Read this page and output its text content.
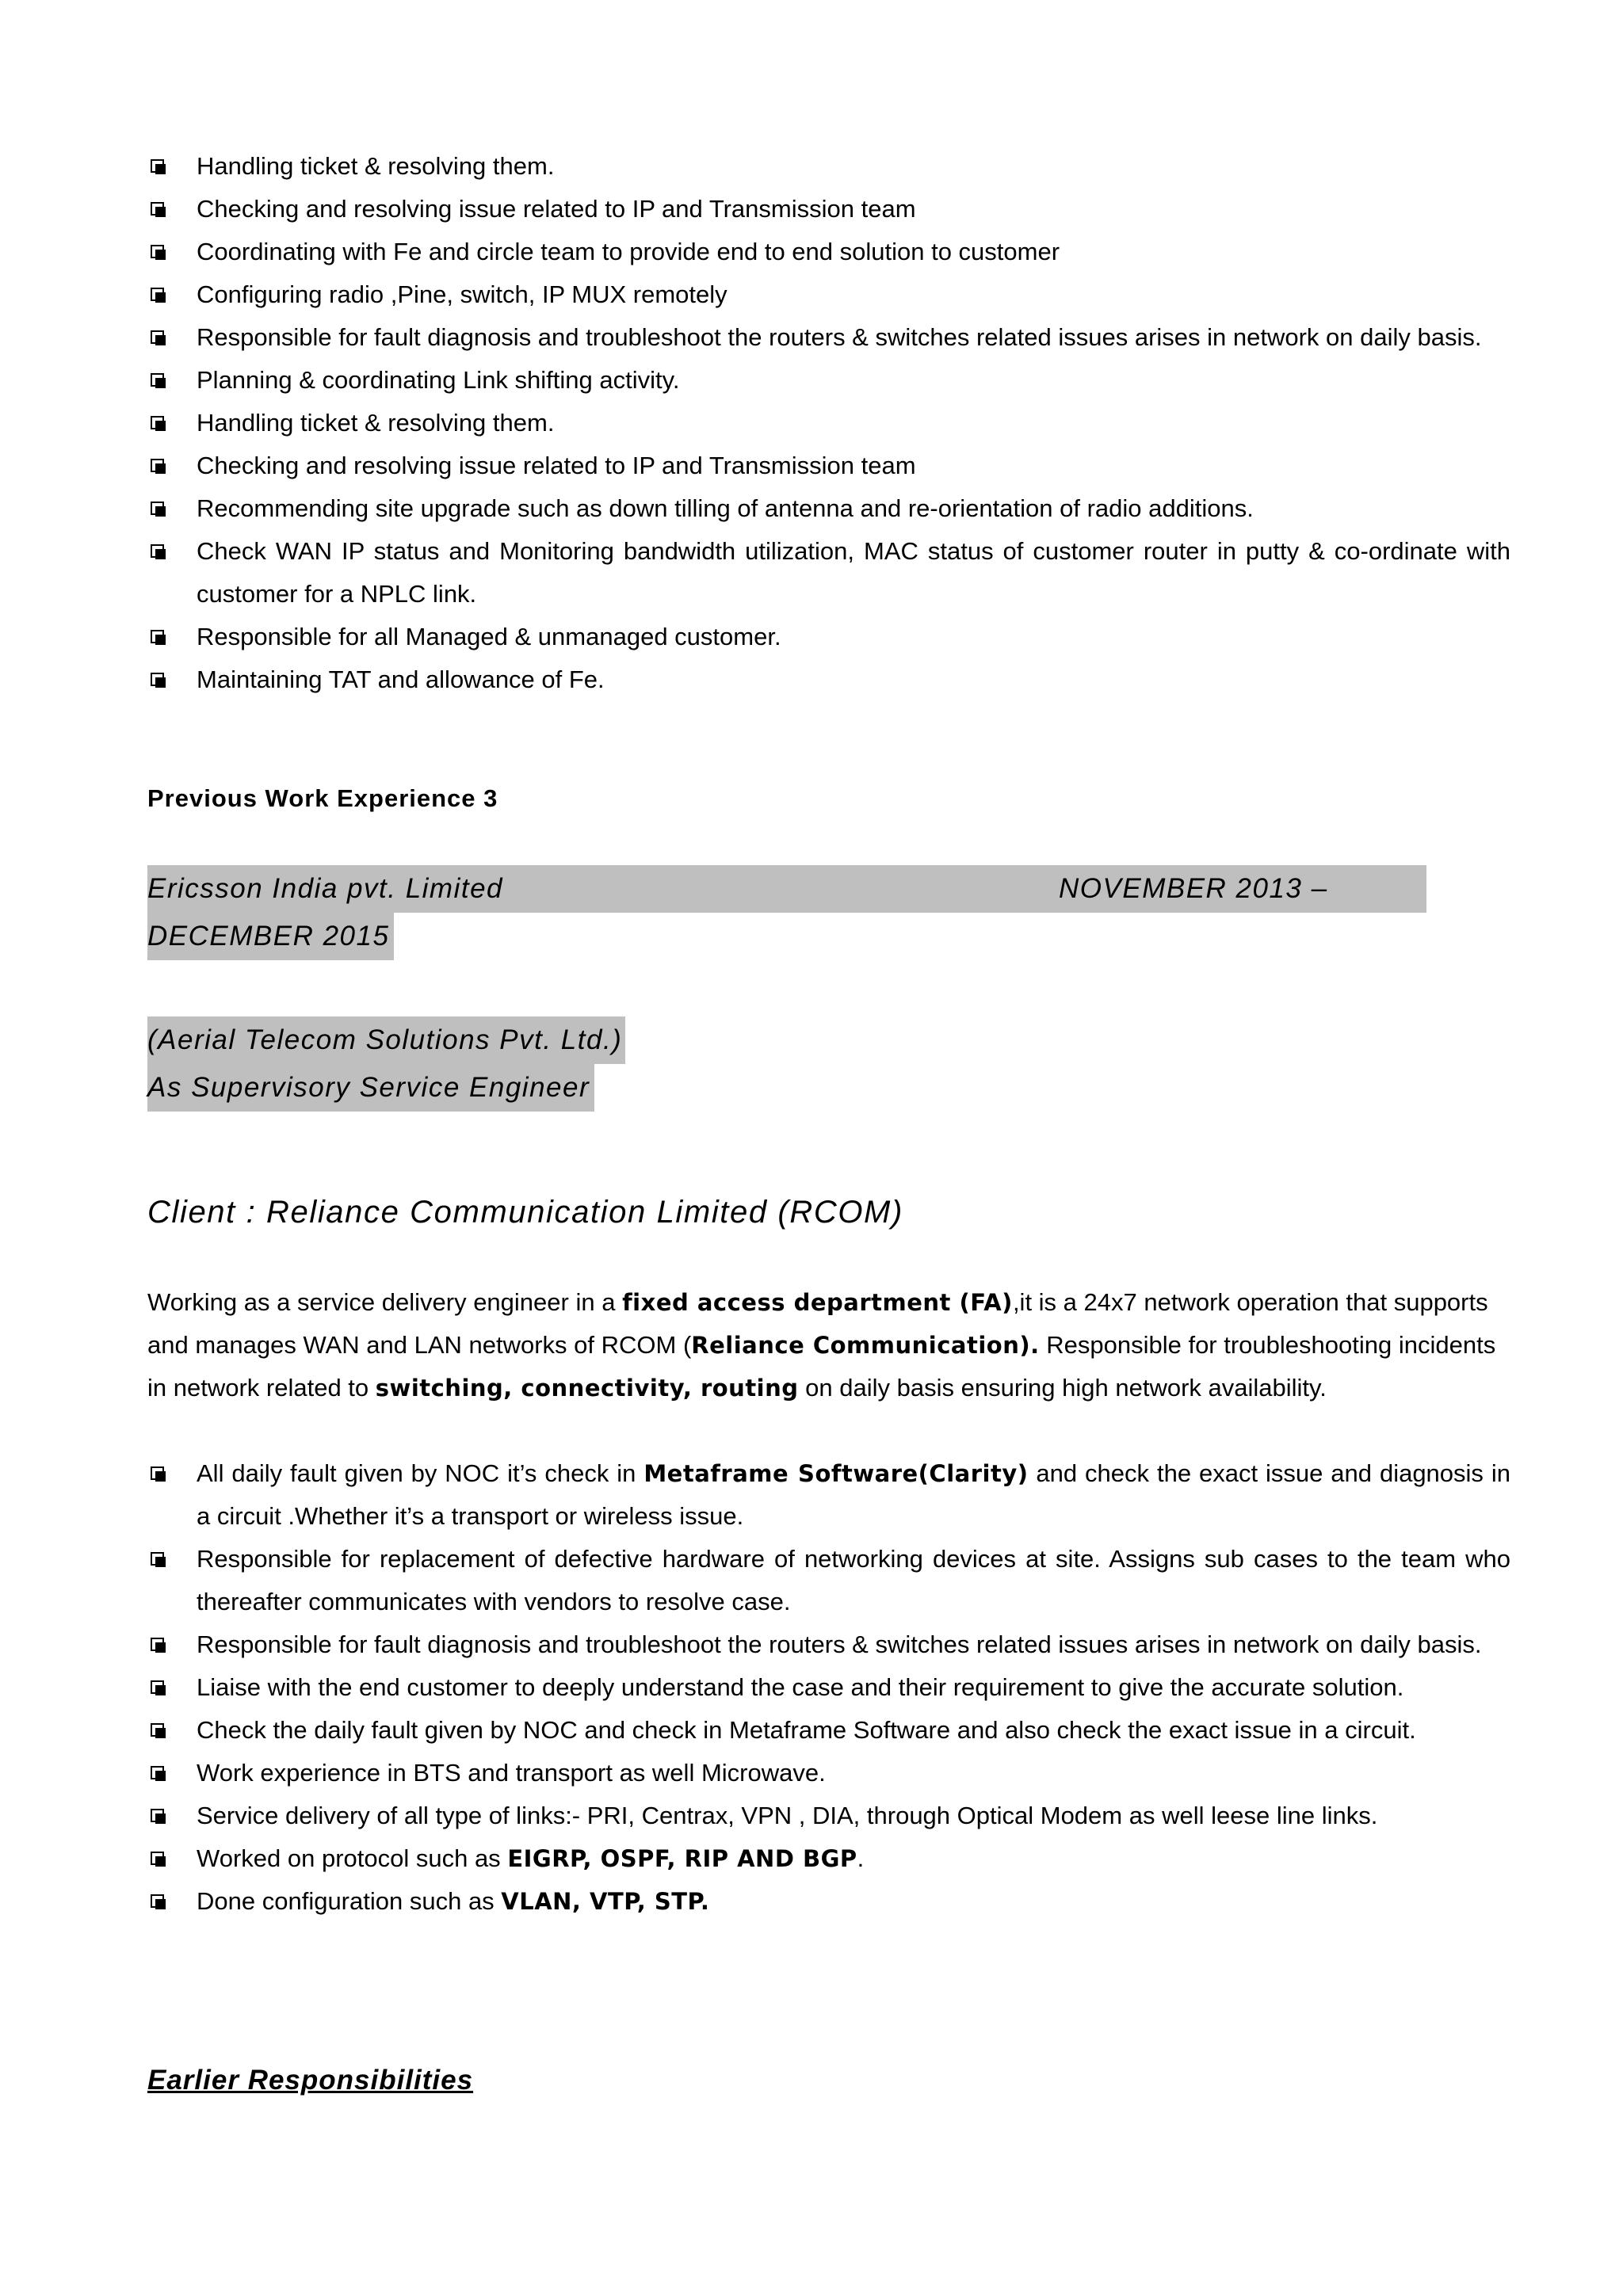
Handling ticket & resolving them.
Checking and resolving issue related to IP and Transmission team
Coordinating with Fe and circle team to provide end to end solution to customer
Configuring radio ,Pine, switch, IP MUX remotely
Responsible for fault diagnosis and troubleshoot the routers & switches related issues arises in network on daily basis.
Planning & coordinating Link shifting activity.
Handling ticket & resolving them.
Checking and resolving issue related to IP and Transmission team
Recommending site upgrade such as down tilling of antenna and re-orientation of radio additions.
Check WAN IP status and Monitoring bandwidth utilization, MAC status of customer router in putty & co-ordinate with customer for a NPLC link.
Responsible for all Managed & unmanaged customer.
Maintaining TAT and allowance of Fe.
Previous Work Experience 3
Ericsson India pvt. Limited	NOVEMBER 2013 –
DECEMBER 2015
(Aerial Telecom Solutions Pvt. Ltd.)
As Supervisory Service Engineer
Client : Reliance Communication Limited (RCOM)
Working as a service delivery engineer in a fixed access department (FA),it is a 24x7 network operation that supports and manages WAN and LAN networks of RCOM (Reliance Communication). Responsible for troubleshooting incidents in network related to switching, connectivity, routing on daily basis ensuring high network availability.
All daily fault given by NOC it’s check in Metaframe Software(Clarity) and check the exact issue and diagnosis in a circuit .Whether it’s a transport or wireless issue.
Responsible for replacement of defective hardware of networking devices at site. Assigns sub cases to the team who thereafter communicates with vendors to resolve case.
Responsible for fault diagnosis and troubleshoot the routers & switches related issues arises in network on daily basis.
Liaise with the end customer to deeply understand the case and their requirement to give the accurate solution.
Check the daily fault given by NOC and check in Metaframe Software and also check the exact issue in a circuit.
Work experience in BTS and transport as well Microwave.
Service delivery of all type of links:- PRI, Centrax, VPN , DIA, through Optical Modem as well leese line links.
Worked on protocol such as EIGRP, OSPF, RIP AND BGP.
Done configuration such as VLAN, VTP, STP.
Earlier Responsibilities
